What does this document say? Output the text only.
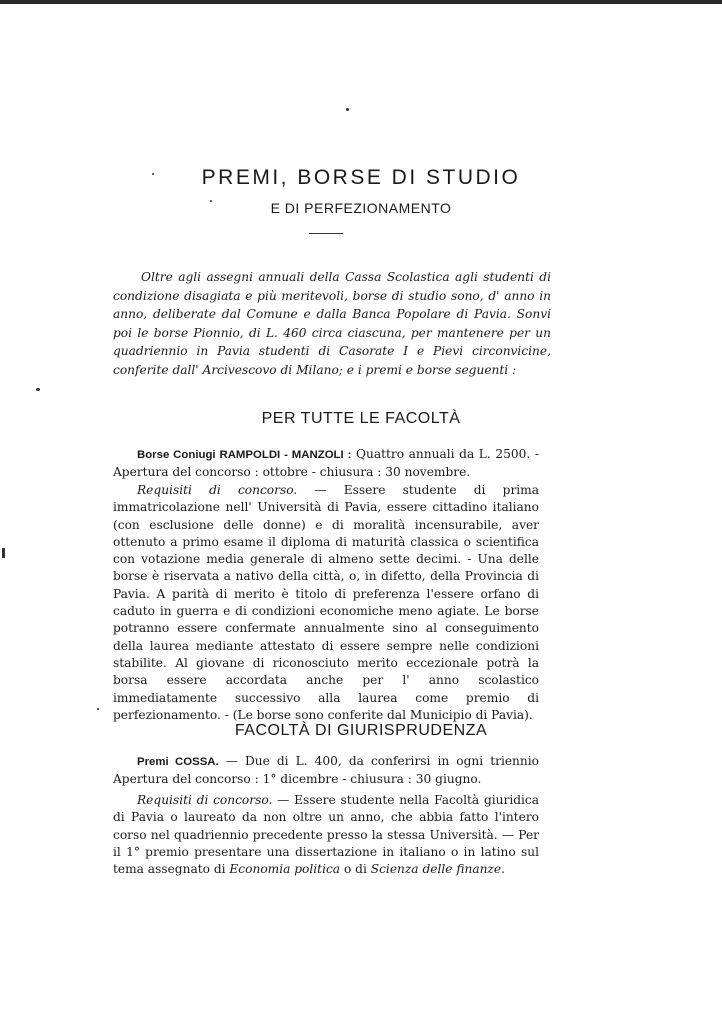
PREMI, BORSE DI STUDIO
E DI PERFEZIONAMENTO

Oltre agli assegni annuali della Cassa Scolastica agli studenti di condizione disagiata e più meritevoli, borse di studio sono, d' anno in anno, deliberate dal Comune e dalla Banca Popolare di Pavia. Sonvi poi le borse Pionnio, di L. 460 circa ciascuna, per mantenere per un quadriennio in Pavia studenti di Casorate I e Pievi circonvicine, conferite dall' Arcivescovo di Milano; e i premi e borse seguenti :

PER TUTTE LE FACOLTÀ

Borse Coniugi RAMPOLDI - MANZOLI : Quattro annuali da L. 2500. - Apertura del concorso : ottobre - chiusura : 30 novembre.

Requisiti di concorso. — Essere studente di prima immatricolazione nell' Università di Pavia, essere cittadino italiano (con esclusione delle donne) e di moralità incensurabile, aver ottenuto a primo esame il diploma di maturità classica o scientifica con votazione media generale di almeno sette decimi. - Una delle borse è riservata a nativo della città, o, in difetto, della Provincia di Pavia. A parità di merito è titolo di preferenza l'essere orfano di caduto in guerra e di condizioni economiche meno agiate. Le borse potranno essere confermate annualmente sino al conseguimento della laurea mediante attestato di essere sempre nelle condizioni stabilite. Al giovane di riconosciuto merito eccezionale potrà la borsa essere accordata anche per l' anno scolastico immediatamente successivo alla laurea come premio di perfezionamento. - (Le borse sono conferite dal Municipio di Pavia).

FACOLTÀ DI GIURISPRUDENZA

Premi COSSA. — Due di L. 400, da conferirsi in ogni triennio Apertura del concorso : 1° dicembre - chiusura : 30 giugno.

Requisiti di concorso. — Essere studente nella Facoltà giuridica di Pavia o laureato da non oltre un anno, che abbia fatto l'intero corso nel quadriennio precedente presso la stessa Università. — Per il 1° premio presentare una dissertazione in italiano o in latino sul tema assegnato di Economia politica o di Scienza delle finanze.
